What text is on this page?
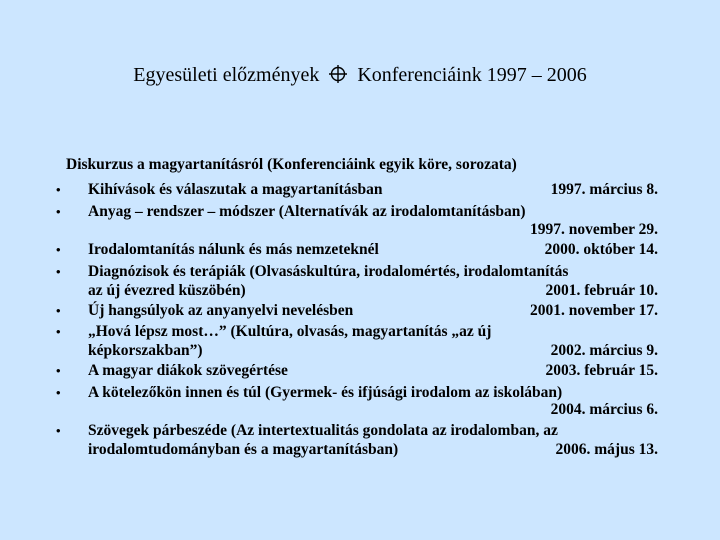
Egyesületi előzmények Konferenciáink 1997 – 2006
Diskurzus a magyartanításról (Konferenciáink egyik köre, sorozata)
• Kihívások és válaszutak a magyartanításban	1997. március 8.
• Anyag – rendszer – módszer (Alternatívák az irodalomtanításban)
1997. november 29.
• Irodalomtanítás nálunk és más nemzeteknél	2000. október 14.
• Diagnózisok és terápiák (Olvasáskultúra, irodalomértés, irodalomtanítás
az új évezred küszöbén)	2001. február 10.
• Új hangsúlyok az anyanyelvi nevelésben	2001. november 17.
• „Hová lépsz most…” (Kultúra, olvasás, magyartanítás „az új
képkorszakban”)	2002. március 9.
• A magyar diákok szövegértése	2003. február 15.
• A kötelezőkön innen és túl (Gyermek- és ifjúsági irodalom az iskolában)
2004. március 6.
• Szövegek párbeszéde (Az intertextualitás gondolata az irodalomban, az
irodalomtudományban és a magyartanításban)	2006. május 13.
